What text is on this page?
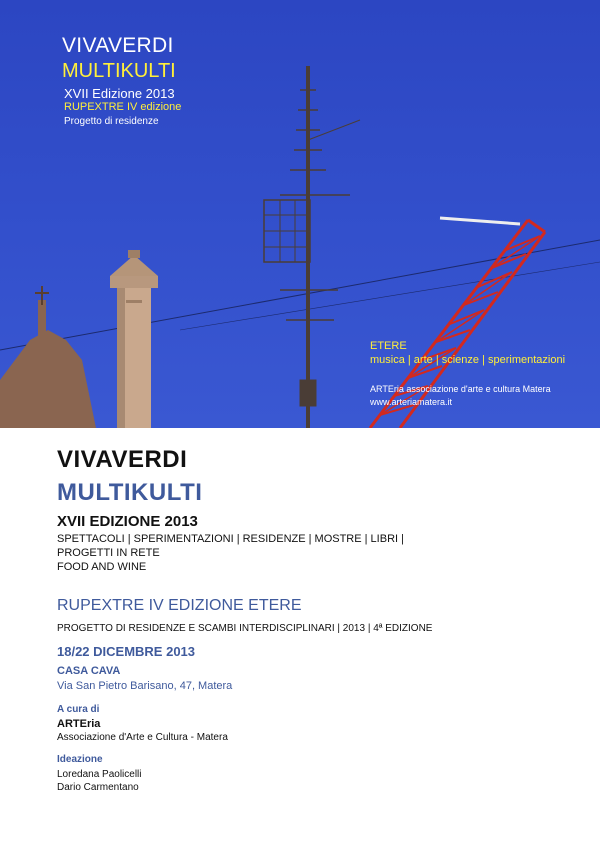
VIVAVERDI
MULTIKULTI
XVII Edizione 2013
RUPEXTRE IV edizione
Progetto di residenze
ETERE
musica | arte | scienze | sperimentazioni
ARTEria associazione d'arte e cultura Matera
www.arteriamatera.it
VIVAVERDI
MULTIKULTI
XVII EDIZIONE 2013
SPETTACOLI | SPERIMENTAZIONI | RESIDENZE | MOSTRE | LIBRI |
PROGETTI IN RETE
FOOD AND WINE
RUPEXTRE IV EDIZIONE ETERE
PROGETTO DI RESIDENZE E SCAMBI INTERDISCIPLINARI | 2013 | 4ª EDIZIONE
18/22 DICEMBRE 2013
CASA CAVA
Via San Pietro Barisano, 47, Matera
A cura di
ARTEria
Associazione d'Arte e Cultura - Matera
Ideazione
Loredana Paolicelli
Dario Carmentano
